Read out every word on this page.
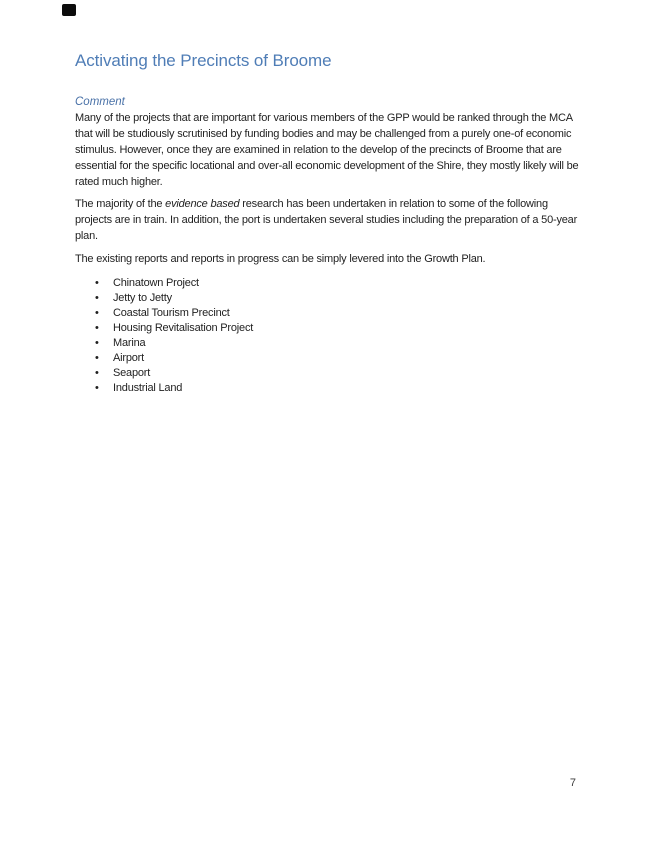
Activating the Precincts of Broome
Comment

Many of the projects that are important for various members of the GPP would be ranked through the MCA that will be studiously scrutinised by funding bodies and may be challenged from a purely one-of economic stimulus. However, once they are examined in relation to the develop of the precincts of Broome that are essential for the specific locational and over-all economic development of the Shire, they mostly likely will be rated much higher.

The majority of the evidence based research has been undertaken in relation to some of the following projects are in train. In addition, the port is undertaken several studies including the preparation of a 50-year plan.

The existing reports and reports in progress can be simply levered into the Growth Plan.

•	Chinatown Project
•	Jetty to Jetty
•	Coastal Tourism Precinct
•	Housing Revitalisation Project
•	Marina
•	Airport
•	Seaport
•	Industrial Land
7
